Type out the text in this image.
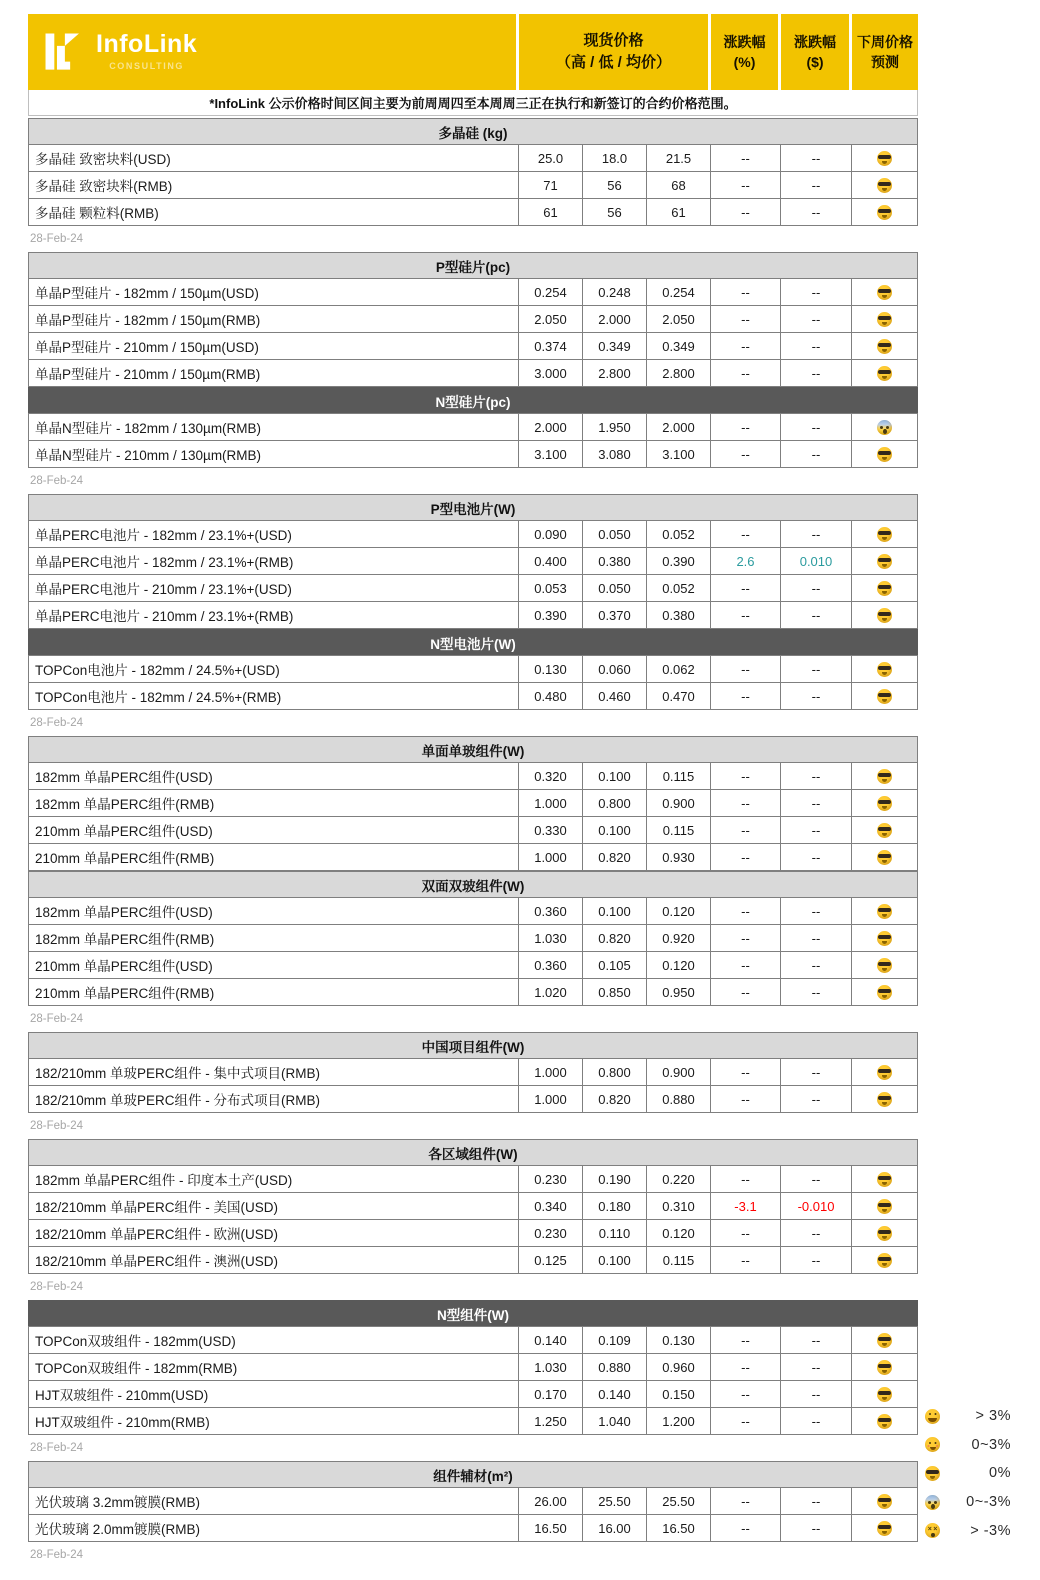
InfoLink
CONSULTING
现货价格
（高 / 低 / 均价）
涨跌幅
(%)
涨跌幅
($)
下周价格
预测
*InfoLink 公示价格时间区间主要为前周周四至本周周三正在执行和新签订的合约价格范围。
多晶硅 (kg)
多晶硅 致密块料(USD)	25.0	18.0	21.5	--	--
多晶硅 致密块料(RMB)	71	56	68	--	--
多晶硅 颗粒料(RMB)	61	56	61	--	--
28-Feb-24
P型硅片(pc)
单晶P型硅片 - 182mm / 150µm(USD)	0.254	0.248	0.254	--	--
单晶P型硅片 - 182mm / 150µm(RMB)	2.050	2.000	2.050	--	--
单晶P型硅片 - 210mm / 150µm(USD)	0.374	0.349	0.349	--	--
单晶P型硅片 - 210mm / 150µm(RMB)	3.000	2.800	2.800	--	--
N型硅片(pc)
单晶N型硅片 - 182mm / 130µm(RMB)	2.000	1.950	2.000	--	--
单晶N型硅片 - 210mm / 130µm(RMB)	3.100	3.080	3.100	--	--
28-Feb-24
P型电池片(W)
单晶PERC电池片 - 182mm / 23.1%+(USD)	0.090	0.050	0.052	--	--
单晶PERC电池片 - 182mm / 23.1%+(RMB)	0.400	0.380	0.390	2.6	0.010
单晶PERC电池片 - 210mm / 23.1%+(USD)	0.053	0.050	0.052	--	--
单晶PERC电池片 - 210mm / 23.1%+(RMB)	0.390	0.370	0.380	--	--
N型电池片(W)
TOPCon电池片 - 182mm / 24.5%+(USD)	0.130	0.060	0.062	--	--
TOPCon电池片 - 182mm / 24.5%+(RMB)	0.480	0.460	0.470	--	--
28-Feb-24
单面单玻组件(W)
182mm 单晶PERC组件(USD)	0.320	0.100	0.115	--	--
182mm 单晶PERC组件(RMB)	1.000	0.800	0.900	--	--
210mm 单晶PERC组件(USD)	0.330	0.100	0.115	--	--
210mm 单晶PERC组件(RMB)	1.000	0.820	0.930	--	--
双面双玻组件(W)
182mm 单晶PERC组件(USD)	0.360	0.100	0.120	--	--
182mm 单晶PERC组件(RMB)	1.030	0.820	0.920	--	--
210mm 单晶PERC组件(USD)	0.360	0.105	0.120	--	--
210mm 单晶PERC组件(RMB)	1.020	0.850	0.950	--	--
28-Feb-24
中国项目组件(W)
182/210mm 单玻PERC组件 - 集中式项目(RMB)	1.000	0.800	0.900	--	--
182/210mm 单玻PERC组件 - 分布式项目(RMB)	1.000	0.820	0.880	--	--
28-Feb-24
各区域组件(W)
182mm 单晶PERC组件 - 印度本土产(USD)	0.230	0.190	0.220	--	--
182/210mm 单晶PERC组件 - 美国(USD)	0.340	0.180	0.310	-3.1	-0.010
182/210mm 单晶PERC组件 - 欧洲(USD)	0.230	0.110	0.120	--	--
182/210mm 单晶PERC组件 - 澳洲(USD)	0.125	0.100	0.115	--	--
28-Feb-24
N型组件(W)
TOPCon双玻组件 - 182mm(USD)	0.140	0.109	0.130	--	--
TOPCon双玻组件 - 182mm(RMB)	1.030	0.880	0.960	--	--
HJT双玻组件 - 210mm(USD)	0.170	0.140	0.150	--	--
HJT双玻组件 - 210mm(RMB)	1.250	1.040	1.200	--	--
28-Feb-24
组件辅材(m²)
光伏玻璃 3.2mm镀膜(RMB)	26.00	25.50	25.50	--	--
光伏玻璃 2.0mm镀膜(RMB)	16.50	16.00	16.50	--	--
28-Feb-24
> 3%
0~3%
0%
0~-3%
× ×
> -3%
